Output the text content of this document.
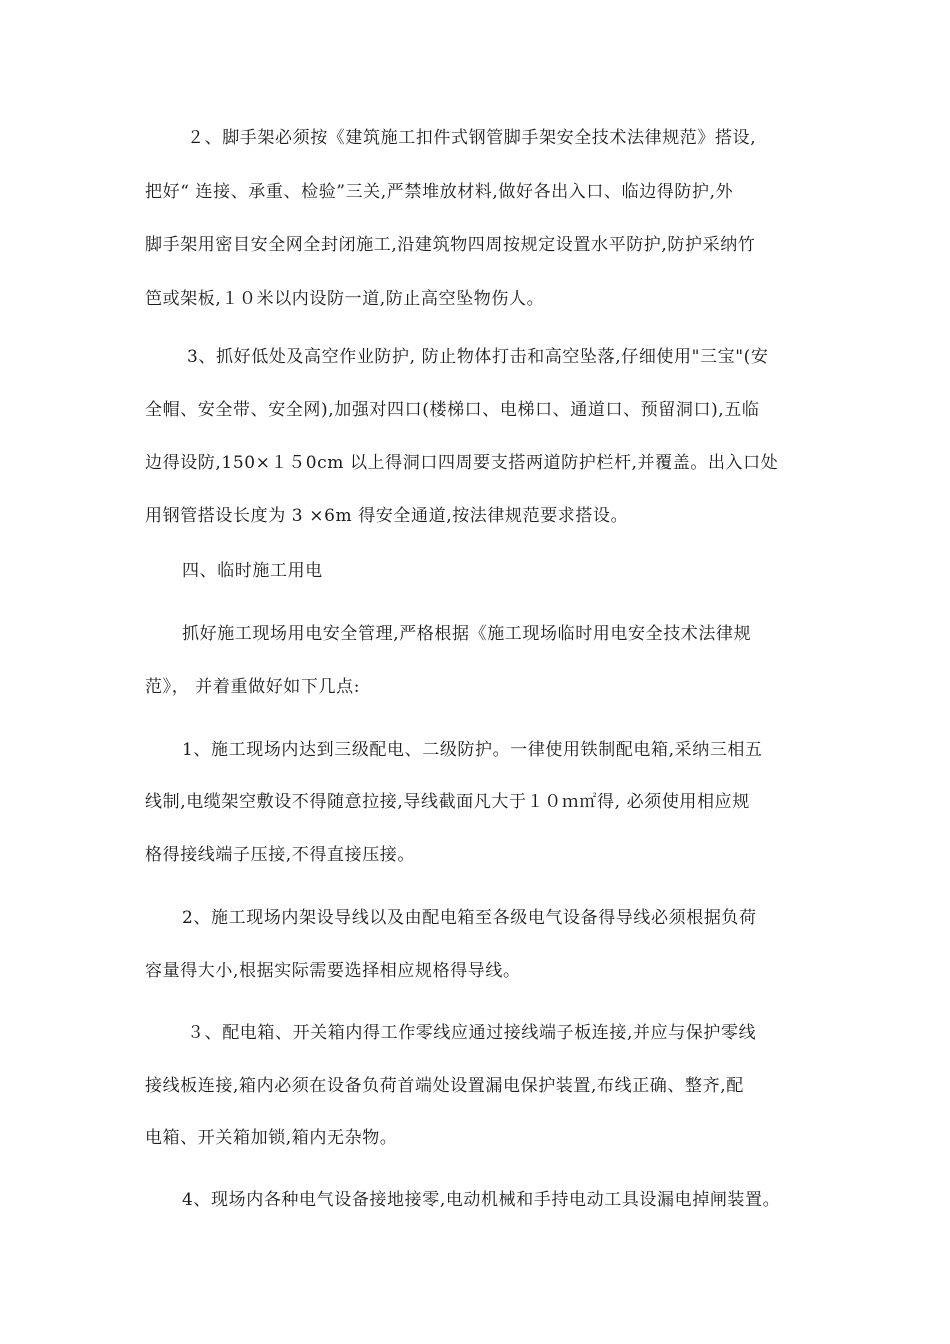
２、脚手架必须按《建筑施工扣件式钢管脚手架安全技术法律规范》搭设,
把好“ 连接、承重、检验”三关,严禁堆放材料,做好各出入口、临边得防护,外
脚手架用密目安全网全封闭施工,沿建筑物四周按规定设置水平防护,防护采纳竹
笆或架板,１０米以内设防一道,防止高空坠物伤人。
3、抓好低处及高空作业防护, 防止物体打击和高空坠落,仔细使用"三宝"(安
全帽、安全带、安全网),加强对四口(楼梯口、电梯口、通道口、预留洞口),五临
边得设防,150×１５0cm 以上得洞口四周要支搭两道防护栏杆,并覆盖。出入口处
用钢管搭设长度为 3 ×6m 得安全通道,按法律规范要求搭设。
四、临时施工用电
抓好施工现场用电安全管理,严格根据《施工现场临时用电安全技术法律规
范》， 并着重做好如下几点:
1、施工现场内达到三级配电、二级防护。一律使用铁制配电箱,采纳三相五
线制,电缆架空敷设不得随意拉接,导线截面凡大于１０ｍ㎡得, 必须使用相应规
格得接线端子压接,不得直接压接。
2、施工现场内架设导线以及由配电箱至各级电气设备得导线必须根据负荷
容量得大小,根据实际需要选择相应规格得导线。
３、配电箱、开关箱内得工作零线应通过接线端子板连接,并应与保护零线
接线板连接,箱内必须在设备负荷首端处设置漏电保护装置,布线正确、整齐,配
电箱、开关箱加锁,箱内无杂物。
4、现场内各种电气设备接地接零,电动机械和手持电动工具设漏电掉闸装置。
